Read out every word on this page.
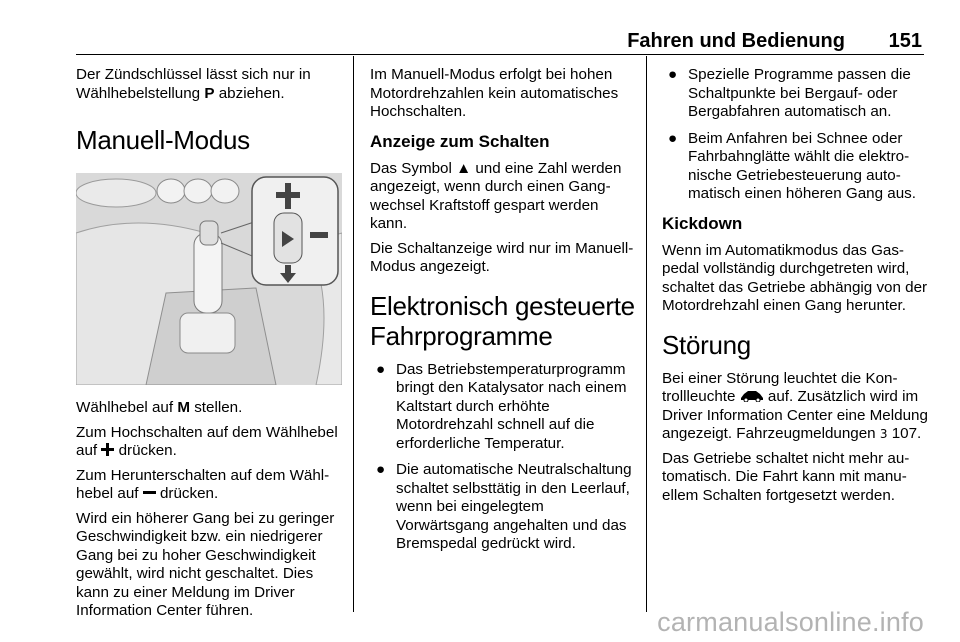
Fahren und Bedienung 151

Der Zündschlüssel lässt sich nur in Wählhebelstellung P abziehen.

Manuell-Modus

Wählhebel auf M stellen.

Zum Hochschalten auf dem Wählhebel auf  drücken.

Zum Herunterschalten auf dem Wählhebel auf  drücken.

Wird ein höherer Gang bei zu geringer Geschwindigkeit bzw. ein niedrigerer Gang bei zu hoher Geschwindigkeit gewählt, wird nicht geschaltet. Dies kann zu einer Meldung im Driver Information Center führen.

Im Manuell-Modus erfolgt bei hohen Motordrehzahlen kein automatisches Hochschalten.

Anzeige zum Schalten

Das Symbol ▲ und eine Zahl werden angezeigt, wenn durch einen Gangwechsel Kraftstoff gespart werden kann.

Die Schaltanzeige wird nur im Manuell-Modus angezeigt.

Elektronisch gesteuerte Fahrprogramme
● Das Betriebstemperaturprogramm bringt den Katalysator nach einem Kaltstart durch erhöhte Motordrehzahl schnell auf die erforderliche Temperatur.
● Die automatische Neutralschaltung schaltet selbsttätig in den Leerlauf, wenn bei eingelegtem Vorwärtsgang angehalten und das Bremspedal gedrückt wird.
● Spezielle Programme passen die Schaltpunkte bei Bergauf- oder Bergabfahren automatisch an.
● Beim Anfahren bei Schnee oder Fahrbahnglätte wählt die elektronische Getriebesteuerung automatisch einen höheren Gang aus.
Kickdown

Wenn im Automatikmodus das Gaspedal vollständig durchgetreten wird, schaltet das Getriebe abhängig von der Motordrehzahl einen Gang herunter.

Störung

Bei einer Störung leuchtet die Kontrollleuchte  auf. Zusätzlich wird im Driver Information Center eine Meldung angezeigt. Fahrzeugmeldungen 3 107.

Das Getriebe schaltet nicht mehr automatisch. Die Fahrt kann mit manuellem Schalten fortgesetzt werden.

carmanualsonline.info
